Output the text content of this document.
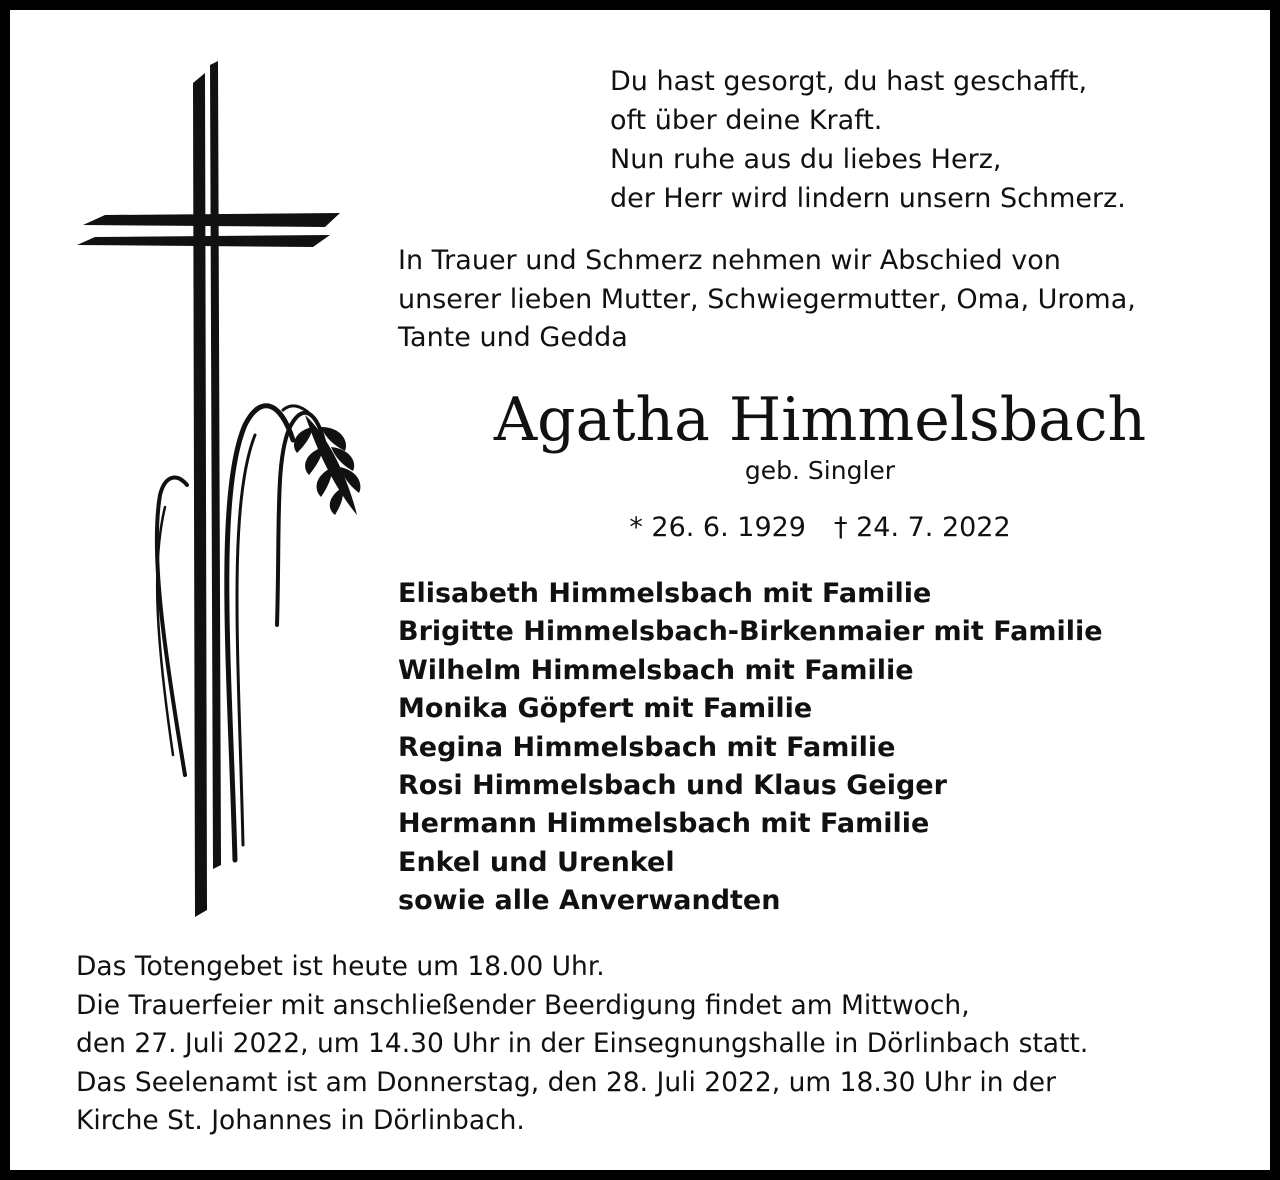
Du hast gesorgt, du hast geschafft,
oft über deine Kraft.
Nun ruhe aus du liebes Herz,
der Herr wird lindern unsern Schmerz.
In Trauer und Schmerz nehmen wir Abschied von
unserer lieben Mutter, Schwiegermutter, Oma, Uroma,
Tante und Gedda
Agatha Himmelsbach
geb. Singler
* 26. 6. 1929 † 24. 7. 2022
Elisabeth Himmelsbach mit Familie
Brigitte Himmelsbach-Birkenmaier mit Familie
Wilhelm Himmelsbach mit Familie
Monika Göpfert mit Familie
Regina Himmelsbach mit Familie
Rosi Himmelsbach und Klaus Geiger
Hermann Himmelsbach mit Familie
Enkel und Urenkel
sowie alle Anverwandten
Das Totengebet ist heute um 18.00 Uhr.
Die Trauerfeier mit anschließender Beerdigung findet am Mittwoch,
den 27. Juli 2022, um 14.30 Uhr in der Einsegnungshalle in Dörlinbach statt.
Das Seelenamt ist am Donnerstag, den 28. Juli 2022, um 18.30 Uhr in der
Kirche St. Johannes in Dörlinbach.
